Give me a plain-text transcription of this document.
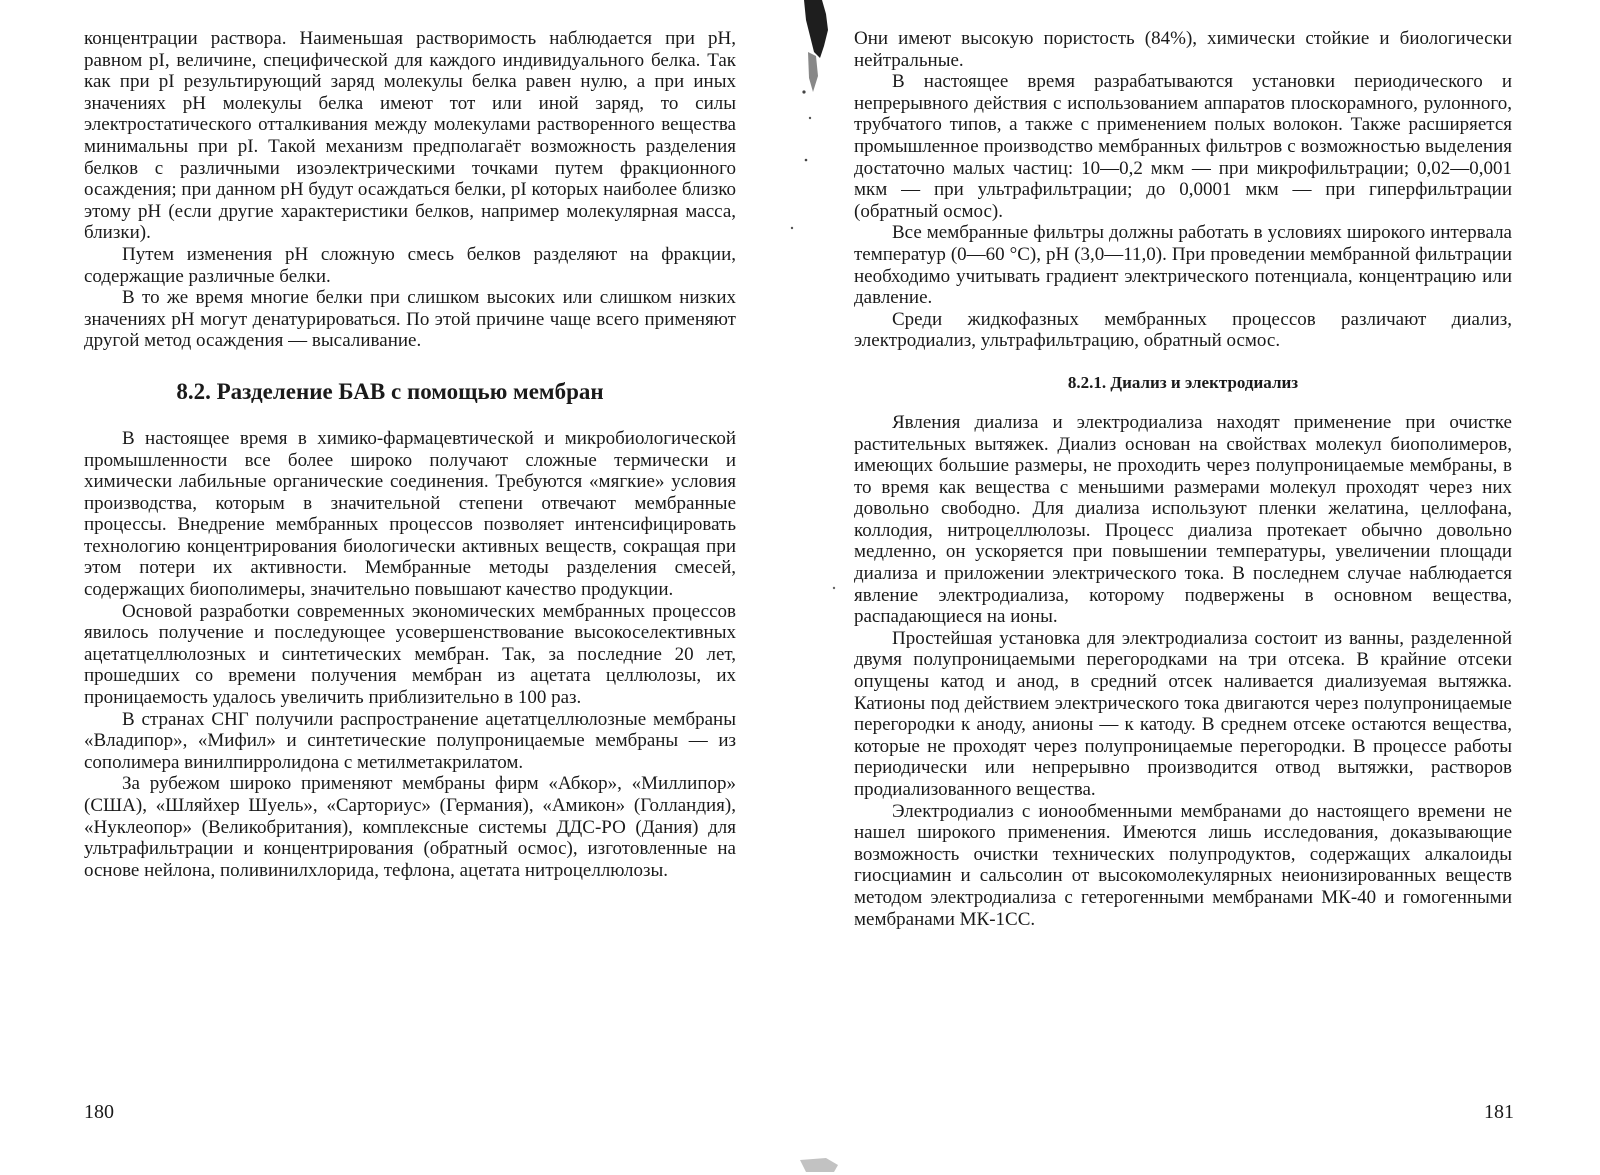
концентрации раствора. Наименьшая растворимость наблюдается при pH, равном pI, величине, специфической для каждого индивидуального белка. Так как при pI результирующий заряд молекулы белка равен нулю, а при иных значениях pH молекулы белка имеют тот или иной заряд, то силы электростатического отталкивания между молекулами растворенного вещества минимальны при pI. Такой механизм предполагаёт возможность разделения белков с различными изоэлектрическими точками путем фракционного осаждения; при данном pH будут осаждаться белки, pI которых наиболее близко этому pH (если другие характеристики белков, например молекулярная масса, близки).

Путем изменения pH сложную смесь белков разделяют на фракции, содержащие различные белки.

В то же время многие белки при слишком высоких или слишком низких значениях pH могут денатурироваться. По этой причине чаще всего применяют другой метод осаждения — высаливание.

8.2. Разделение БАВ с помощью мембран

В настоящее время в химико-фармацевтической и микробиологической промышленности все более широко получают сложные термически и химически лабильные органические соединения. Требуются «мягкие» условия производства, которым в значительной степени отвечают мембранные процессы. Внедрение мембранных процессов позволяет интенсифицировать технологию концентрирования биологически активных веществ, сокращая при этом потери их активности. Мембранные методы разделения смесей, содержащих биополимеры, значительно повышают качество продукции.

Основой разработки современных экономических мембранных процессов явилось получение и последующее усовершенствование высокоселективных ацетатцеллюлозных и синтетических мембран. Так, за последние 20 лет, прошедших со времени получения мембран из ацетата целлюлозы, их проницаемость удалось увеличить приблизительно в 100 раз.

В странах СНГ получили распространение ацетатцеллюлозные мембраны «Владипор», «Мифил» и синтетические полупроницаемые мембраны — из сополимера винилпирролидона с метилметакрилатом.

За рубежом широко применяют мембраны фирм «Абкор», «Миллипор» (США), «Шляйхер Шуель», «Сарториус» (Германия), «Амикон» (Голландия), «Нуклеопор» (Великобритания), комплексные системы ДДС-РО (Дания) для ультрафильтрации и концентрирования (обратный осмос), изготовленные на основе нейлона, поливинилхлорида, тефлона, ацетата нитроцеллюлозы.

180

Они имеют высокую пористость (84%), химически стойкие и биологически нейтральные.

В настоящее время разрабатываются установки периодического и непрерывного действия с использованием аппаратов плоскорамного, рулонного, трубчатого типов, а также с применением полых волокон. Также расширяется промышленное производство мембранных фильтров с возможностью выделения достаточно малых частиц: 10—0,2 мкм — при микрофильтрации; 0,02—0,001 мкм — при ультрафильтрации; до 0,0001 мкм — при гиперфильтрации (обратный осмос).

Все мембранные фильтры должны работать в условиях широкого интервала температур (0—60 °С), pH (3,0—11,0). При проведении мембранной фильтрации необходимо учитывать градиент электрического потенциала, концентрацию или давление.

Среди жидкофазных мембранных процессов различают диализ, электродиализ, ультрафильтрацию, обратный осмос.

8.2.1. Диализ и электродиализ

Явления диализа и электродиализа находят применение при очистке растительных вытяжек. Диализ основан на свойствах молекул биополимеров, имеющих большие размеры, не проходить через полупроницаемые мембраны, в то время как вещества с меньшими размерами молекул проходят через них довольно свободно. Для диализа используют пленки желатина, целлофана, коллодия, нитроцеллюлозы. Процесс диализа протекает обычно довольно медленно, он ускоряется при повышении температуры, увеличении площади диализа и приложении электрического тока. В последнем случае наблюдается явление электродиализа, которому подвержены в основном вещества, распадающиеся на ионы.

Простейшая установка для электродиализа состоит из ванны, разделенной двумя полупроницаемыми перегородками на три отсека. В крайние отсеки опущены катод и анод, в средний отсек наливается диализуемая вытяжка. Катионы под действием электрического тока двигаются через полупроницаемые перегородки к аноду, анионы — к катоду. В среднем отсеке остаются вещества, которые не проходят через полупроницаемые перегородки. В процессе работы периодически или непрерывно производится отвод вытяжки, растворов продиализованного вещества.

Электродиализ с ионообменными мембранами до настоящего времени не нашел широкого применения. Имеются лишь исследования, доказывающие возможность очистки технических полупродуктов, содержащих алкалоиды гиосциамин и сальсолин от высокомолекулярных неионизированных веществ методом электродиализа с гетерогенными мембранами МК-40 и гомогенными мембранами МК-1СС.

181
